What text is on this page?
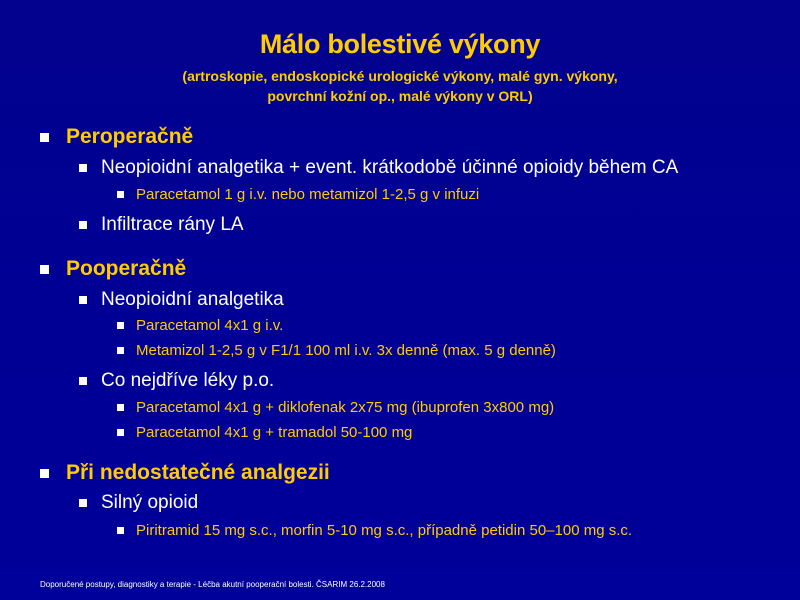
Málo bolestivé výkony
(artroskopie, endoskopické urologické výkony, malé gyn. výkony,
povrchní kožní op., malé výkony v ORL)
Peroperačně
Neopioidní analgetika + event. krátkodobě účinné opioidy během CA
Paracetamol 1 g i.v. nebo metamizol 1-2,5 g v infuzi
Infiltrace rány LA
Pooperačně
Neopioidní analgetika
Paracetamol 4x1 g i.v.
Metamizol 1-2,5 g v F1/1 100 ml i.v. 3x denně (max. 5 g denně)
Co nejdříve léky p.o.
Paracetamol 4x1 g + diklofenak 2x75 mg (ibuprofen 3x800 mg)
Paracetamol 4x1 g + tramadol 50-100 mg
Při nedostatečné analgezii
Silný opioid
Piritramid 15 mg s.c., morfin 5-10 mg s.c., případně petidin 50–100 mg s.c.
Doporučené postupy, diagnostiky a terapie - Léčba akutní pooperační bolesti. ČSARIM 26.2.2008
